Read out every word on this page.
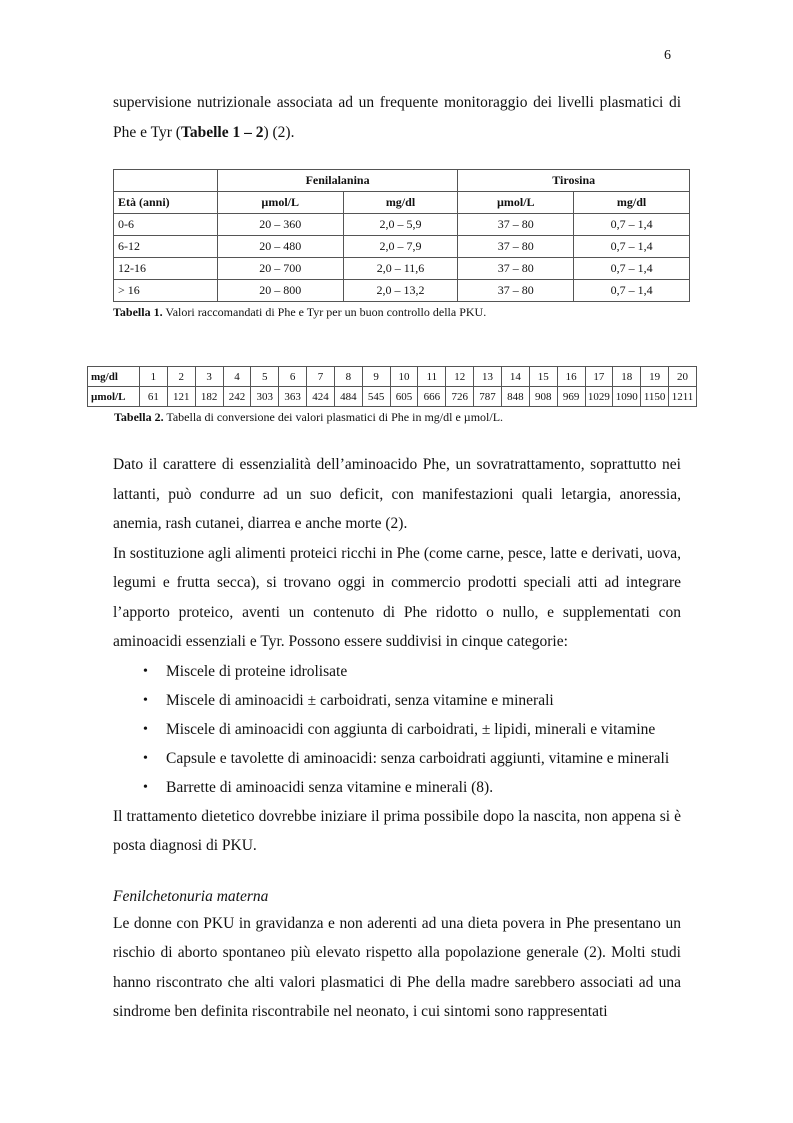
6

supervisione nutrizionale associata ad un frequente monitoraggio dei livelli plasmatici di Phe e Tyr (Tabelle 1 – 2) (2).

	Fenilalanina		Tirosina	
Età (anni)	µmol/L	mg/dl	µmol/L	mg/dl
0-6	20 – 360	2,0 – 5,9	37 – 80	0,7 – 1,4
6-12	20 – 480	2,0 – 7,9	37 – 80	0,7 – 1,4
12-16	20 – 700	2,0 – 11,6	37 – 80	0,7 – 1,4
> 16	20 – 800	2,0 – 13,2	37 – 80	0,7 – 1,4
Tabella 1. Valori raccomandati di Phe e Tyr per un buon controllo della PKU.
mg/dl	1	2	3	4	5	6	7	8	9	10	11	12	13	14	15	16	17	18	19	20
µmol/L	61	121	182	242	303	363	424	484	545	605	666	726	787	848	908	969	1029	1090	1150	1211
Tabella 2. Tabella di conversione dei valori plasmatici di Phe in mg/dl e µmol/L.

Dato il carattere di essenzialità dell’aminoacido Phe, un sovratrattamento, soprattutto nei lattanti, può condurre ad un suo deficit, con manifestazioni quali letargia, anoressia, anemia, rash cutanei, diarrea e anche morte (2).

In sostituzione agli alimenti proteici ricchi in Phe (come carne, pesce, latte e derivati, uova, legumi e frutta secca), si trovano oggi in commercio prodotti speciali atti ad integrare l’apporto proteico, aventi un contenuto di Phe ridotto o nullo, e supplementati con aminoacidi essenziali e Tyr. Possono essere suddivisi in cinque categorie:

• Miscele di proteine idrolisate
• Miscele di aminoacidi ± carboidrati, senza vitamine e minerali
• Miscele di aminoacidi con aggiunta di carboidrati, ± lipidi, minerali e vitamine
• Capsule e tavolette di aminoacidi: senza carboidrati aggiunti, vitamine e minerali
• Barrette di aminoacidi senza vitamine e minerali (8).

Il trattamento dietetico dovrebbe iniziare il prima possibile dopo la nascita, non appena si è posta diagnosi di PKU.

Fenilchetonuria materna

Le donne con PKU in gravidanza e non aderenti ad una dieta povera in Phe presentano un rischio di aborto spontaneo più elevato rispetto alla popolazione generale (2). Molti studi hanno riscontrato che alti valori plasmatici di Phe della madre sarebbero associati ad una sindrome ben definita riscontrabile nel neonato, i cui sintomi sono rappresentati
